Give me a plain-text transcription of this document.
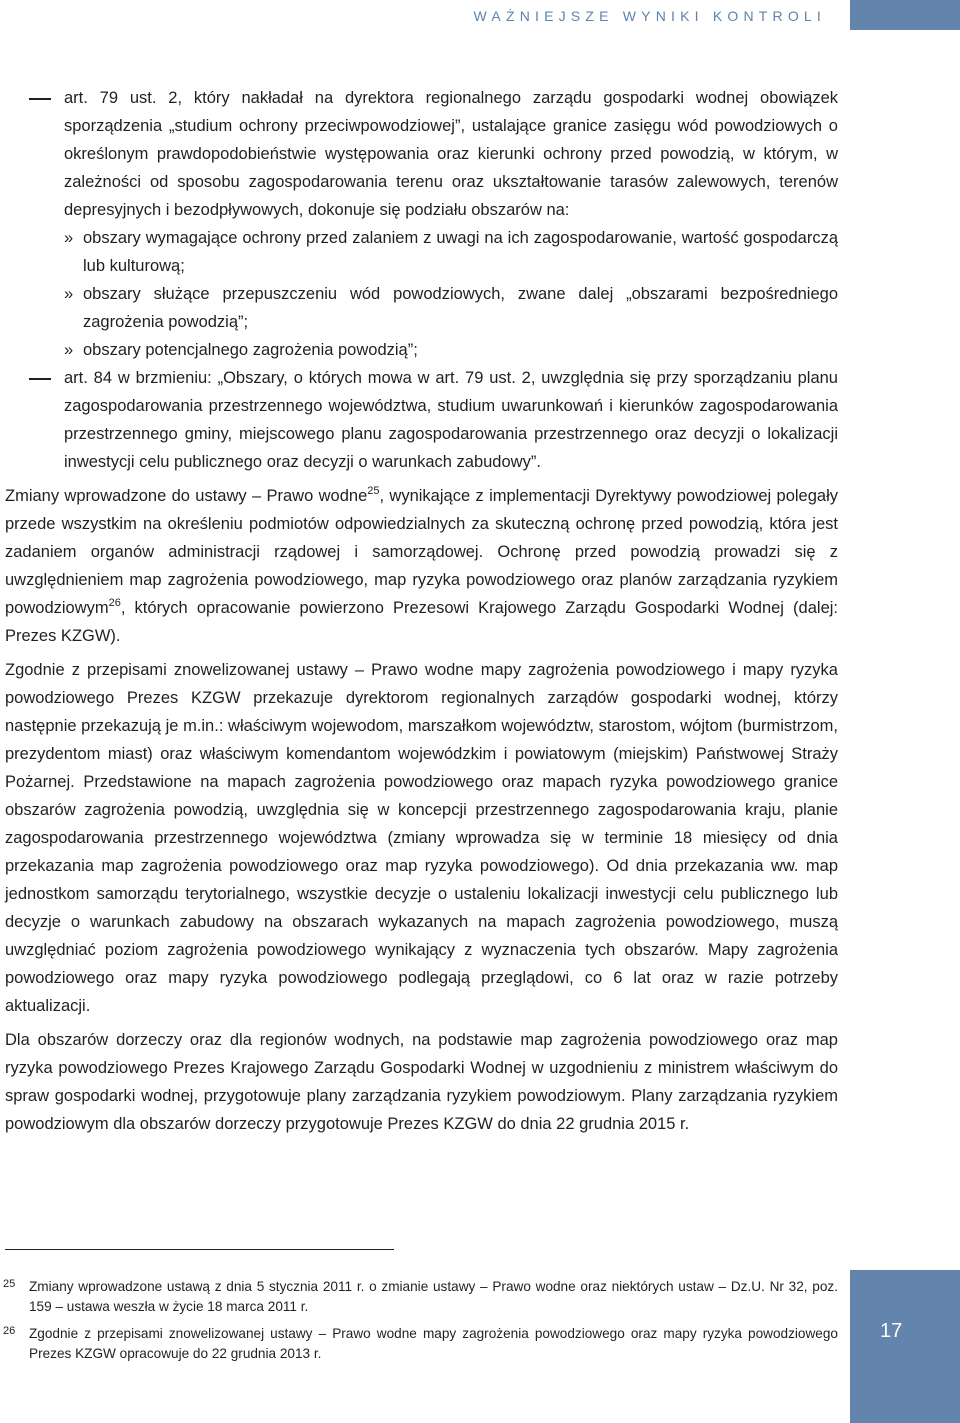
WAŻNIEJSZE WYNIKI KONTROLI
art. 79 ust. 2, który nakładał na dyrektora regionalnego zarządu gospodarki wodnej obowiązek sporządzenia „studium ochrony przeciwpowodziowej”, ustalające granice zasięgu wód powodziowych o określonym prawdopodobieństwie występowania oraz kierunki ochrony przed powodzią, w którym, w zależności od sposobu zagospodarowania terenu oraz ukształtowanie tarasów zalewowych, terenów depresyjnych i bezodpływowych, dokonuje się podziału obszarów na:
» obszary wymagające ochrony przed zalaniem z uwagi na ich zagospodarowanie, wartość gospodarczą lub kulturową;
» obszary służące przepuszczeniu wód powodziowych, zwane dalej „obszarami bezpośredniego zagrożenia powodzią”;
» obszary potencjalnego zagrożenia powodzią”;
art. 84 w brzmieniu: „Obszary, o których mowa w art. 79 ust. 2, uwzględnia się przy sporządzaniu planu zagospodarowania przestrzennego województwa, studium uwarunkowań i kierunków zagospodarowania przestrzennego gminy, miejscowego planu zagospodarowania przestrzennego oraz decyzji o lokalizacji inwestycji celu publicznego oraz decyzji o warunkach zabudowy”.

Zmiany wprowadzone do ustawy – Prawo wodne$^{25}$, wynikające z implementacji Dyrektywy powodziowej polegały przede wszystkim na określeniu podmiotów odpowiedzialnych za skuteczną ochronę przed powodzią, która jest zadaniem organów administracji rządowej i samorządowej. Ochronę przed powodzią prowadzi się z uwzględnieniem map zagrożenia powodziowego, map ryzyka powodziowego oraz planów zarządzania ryzykiem powodziowym$^{26}$, których opracowanie powierzono Prezesowi Krajowego Zarządu Gospodarki Wodnej (dalej: Prezes KZGW).

Zgodnie z przepisami znowelizowanej ustawy – Prawo wodne mapy zagrożenia powodziowego i mapy ryzyka powodziowego Prezes KZGW przekazuje dyrektorom regionalnych zarządów gospodarki wodnej, którzy następnie przekazują je m.in.: właściwym wojewodom, marszałkom województw, starostom, wójtom (burmistrzom, prezydentom miast) oraz właściwym komendantom wojewódzkim i powiatowym (miejskim) Państwowej Straży Pożarnej. Przedstawione na mapach zagrożenia powodziowego oraz mapach ryzyka powodziowego granice obszarów zagrożenia powodzią, uwzględnia się w koncepcji przestrzennego zagospodarowania kraju, planie zagospodarowania przestrzennego województwa (zmiany wprowadza się w terminie 18 miesięcy od dnia przekazania map zagrożenia powodziowego oraz map ryzyka powodziowego). Od dnia przekazania ww. map jednostkom samorządu terytorialnego, wszystkie decyzje o ustaleniu lokalizacji inwestycji celu publicznego lub decyzje o warunkach zabudowy na obszarach wykazanych na mapach zagrożenia powodziowego, muszą uwzględniać poziom zagrożenia powodziowego wynikający z wyznaczenia tych obszarów. Mapy zagrożenia powodziowego oraz mapy ryzyka powodziowego podlegają przeglądowi, co 6 lat oraz w razie potrzeby aktualizacji.

Dla obszarów dorzeczy oraz dla regionów wodnych, na podstawie map zagrożenia powodziowego oraz map ryzyka powodziowego Prezes Krajowego Zarządu Gospodarki Wodnej w uzgodnieniu z ministrem właściwym do spraw gospodarki wodnej, przygotowuje plany zarządzania ryzykiem powodziowym. Plany zarządzania ryzykiem powodziowym dla obszarów dorzeczy przygotowuje Prezes KZGW do dnia 22 grudnia 2015 r.

25 Zmiany wprowadzone ustawą z dnia 5 stycznia 2011 r. o zmianie ustawy – Prawo wodne oraz niektórych ustaw – Dz.U. Nr 32, poz. 159 – ustawa weszła w życie 18 marca 2011 r.
26 Zgodnie z przepisami znowelizowanej ustawy – Prawo wodne mapy zagrożenia powodziowego oraz mapy ryzyka powodziowego Prezes KZGW opracowuje do 22 grudnia 2013 r.
17
